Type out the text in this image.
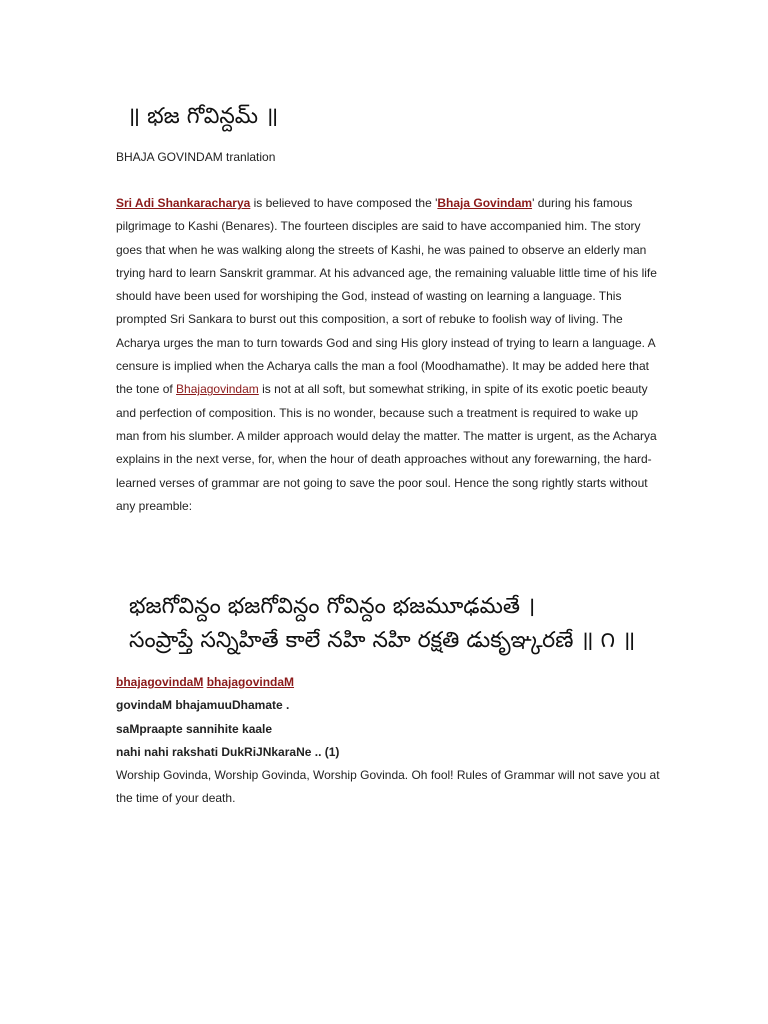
॥ భజ గోవిన్దమ్ ॥
BHAJA GOVINDAM tranlation
Sri Adi Shankaracharya is believed to have composed the 'Bhaja Govindam' during his famous pilgrimage to Kashi (Benares). The fourteen disciples are said to have accompanied him. The story goes that when he was walking along the streets of Kashi, he was pained to observe an elderly man trying hard to learn Sanskrit grammar. At his advanced age, the remaining valuable little time of his life should have been used for worshiping the God, instead of wasting on learning a language. This prompted Sri Sankara to burst out this composition, a sort of rebuke to foolish way of living. The Acharya urges the man to turn towards God and sing His glory instead of trying to learn a language. A censure is implied when the Acharya calls the man a fool (Moodhamathe). It may be added here that the tone of Bhajagovindam is not at all soft, but somewhat striking, in spite of its exotic poetic beauty and perfection of composition. This is no wonder, because such a treatment is required to wake up man from his slumber. A milder approach would delay the matter. The matter is urgent, as the Acharya explains in the next verse, for, when the hour of death approaches without any forewarning, the hard-learned verses of grammar are not going to save the poor soul. Hence the song rightly starts without any preamble:
భజగోవిన్దం భజగోవిన్దం గోవిన్దం భజమూఢమతే ।
సంప్రాప్తే సన్నిహితే కాలే నహి నహి రక్షతి డుకృఞ్కరణే ॥ ౧ ॥
bhajagovindaM bhajagovindaM
govindaM bhajamuuDhamate .
saMpraapte sannihite kaale
nahi nahi rakshati DukRiJNkaraNe .. (1)
Worship Govinda, Worship Govinda, Worship Govinda. Oh fool! Rules of Grammar will not save you at the time of your death.
